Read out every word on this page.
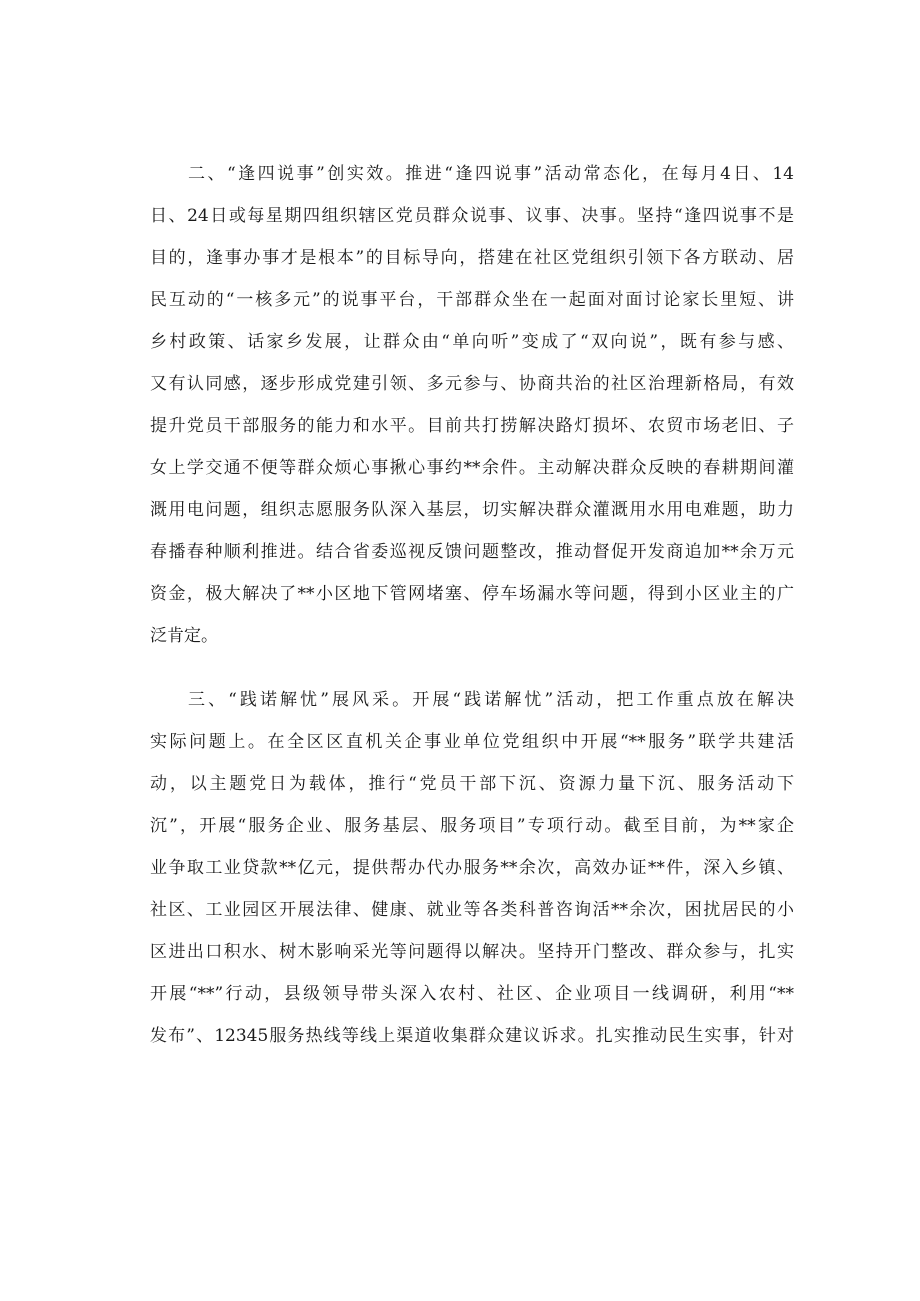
二、“逢四说事”创实效。推进“逢四说事”活动常态化，在每月4日、14
日、24日或每星期四组织辖区党员群众说事、议事、决事。坚持“逢四说事不是
目的，逢事办事才是根本”的目标导向，搭建在社区党组织引领下各方联动、居
民互动的“一核多元”的说事平台，干部群众坐在一起面对面讨论家长里短、讲
乡村政策、话家乡发展，让群众由“单向听”变成了“双向说”，既有参与感、
又有认同感，逐步形成党建引领、多元参与、协商共治的社区治理新格局，有效
提升党员干部服务的能力和水平。目前共打捞解决路灯损坏、农贸市场老旧、子
女上学交通不便等群众烦心事揪心事约**余件。主动解决群众反映的春耕期间灌
溉用电问题，组织志愿服务队深入基层，切实解决群众灌溉用水用电难题，助力
春播春种顺利推进。结合省委巡视反馈问题整改，推动督促开发商追加**余万元
资金，极大解决了**小区地下管网堵塞、停车场漏水等问题，得到小区业主的广
泛肯定。
三、“践诺解忧”展风采。开展“践诺解忧”活动，把工作重点放在解决
实际问题上。在全区区直机关企事业单位党组织中开展“**服务”联学共建活
动，以主题党日为载体，推行“党员干部下沉、资源力量下沉、服务活动下
沉”，开展“服务企业、服务基层、服务项目”专项行动。截至目前，为**家企
业争取工业贷款**亿元，提供帮办代办服务**余次，高效办证**件，深入乡镇、
社区、工业园区开展法律、健康、就业等各类科普咨询活**余次，困扰居民的小
区进出口积水、树木影响采光等问题得以解决。坚持开门整改、群众参与，扎实
开展“**”行动，县级领导带头深入农村、社区、企业项目一线调研，利用“**
发布”、12345服务热线等线上渠道收集群众建议诉求。扎实推动民生实事，针对
